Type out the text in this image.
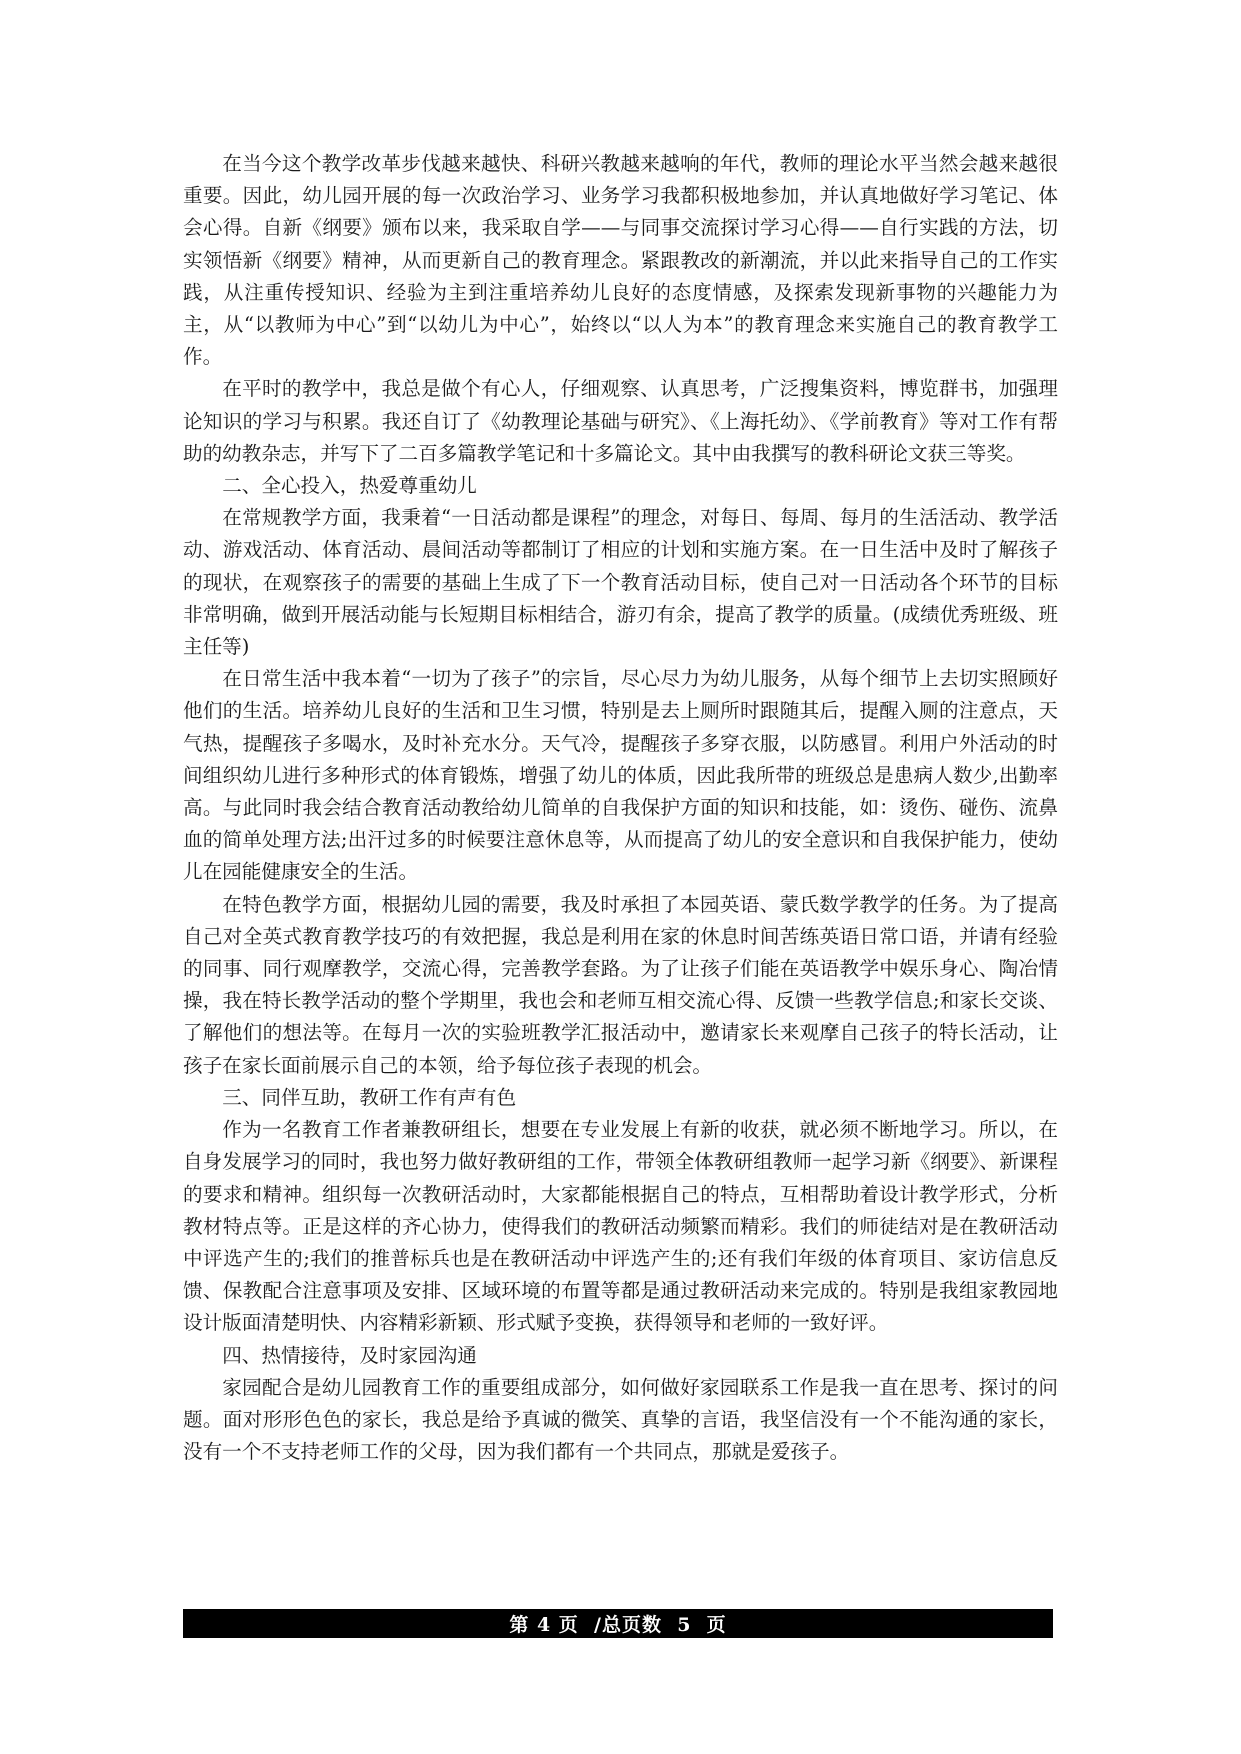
在当今这个教学改革步伐越来越快、科研兴教越来越响的年代，教师的理论水平当然会越来越很重要。因此，幼儿园开展的每一次政治学习、业务学习我都积极地参加，并认真地做好学习笔记、体会心得。自新《纲要》颁布以来，我采取自学——与同事交流探讨学习心得——自行实践的方法，切实领悟新《纲要》精神，从而更新自己的教育理念。紧跟教改的新潮流，并以此来指导自己的工作实践，从注重传授知识、经验为主到注重培养幼儿良好的态度情感，及探索发现新事物的兴趣能力为主，从“以教师为中心”到“以幼儿为中心”，始终以“以人为本”的教育理念来实施自己的教育教学工作。

在平时的教学中，我总是做个有心人，仔细观察、认真思考，广泛搜集资料，博览群书，加强理论知识的学习与积累。我还自订了《幼教理论基础与研究》、《上海托幼》、《学前教育》等对工作有帮助的幼教杂志，并写下了二百多篇教学笔记和十多篇论文。其中由我撰写的教科研论文获三等奖。

二、全心投入，热爱尊重幼儿

在常规教学方面，我秉着“一日活动都是课程”的理念，对每日、每周、每月的生活活动、教学活动、游戏活动、体育活动、晨间活动等都制订了相应的计划和实施方案。在一日生活中及时了解孩子的现状，在观察孩子的需要的基础上生成了下一个教育活动目标，使自己对一日活动各个环节的目标非常明确，做到开展活动能与长短期目标相结合，游刃有余，提高了教学的质量。(成绩优秀班级、班主任等)

在日常生活中我本着“一切为了孩子”的宗旨，尽心尽力为幼儿服务，从每个细节上去切实照顾好他们的生活。培养幼儿良好的生活和卫生习惯，特别是去上厕所时跟随其后，提醒入厕的注意点，天气热，提醒孩子多喝水，及时补充水分。天气冷，提醒孩子多穿衣服，以防感冒。利用户外活动的时间组织幼儿进行多种形式的体育锻炼，增强了幼儿的体质，因此我所带的班级总是患病人数少,出勤率高。与此同时我会结合教育活动教给幼儿简单的自我保护方面的知识和技能，如：烫伤、碰伤、流鼻血的简单处理方法;出汗过多的时候要注意休息等，从而提高了幼儿的安全意识和自我保护能力，使幼儿在园能健康安全的生活。

在特色教学方面，根据幼儿园的需要，我及时承担了本园英语、蒙氏数学教学的任务。为了提高自己对全英式教育教学技巧的有效把握，我总是利用在家的休息时间苦练英语日常口语，并请有经验的同事、同行观摩教学，交流心得，完善教学套路。为了让孩子们能在英语教学中娱乐身心、陶冶情操，我在特长教学活动的整个学期里，我也会和老师互相交流心得、反馈一些教学信息;和家长交谈、了解他们的想法等。在每月一次的实验班教学汇报活动中，邀请家长来观摩自己孩子的特长活动，让孩子在家长面前展示自己的本领，给予每位孩子表现的机会。

三、同伴互助，教研工作有声有色

作为一名教育工作者兼教研组长，想要在专业发展上有新的收获，就必须不断地学习。所以，在自身发展学习的同时，我也努力做好教研组的工作，带领全体教研组教师一起学习新《纲要》、新课程的要求和精神。组织每一次教研活动时，大家都能根据自己的特点，互相帮助着设计教学形式，分析教材特点等。正是这样的齐心协力，使得我们的教研活动频繁而精彩。我们的师徒结对是在教研活动中评选产生的;我们的推普标兵也是在教研活动中评选产生的;还有我们年级的体育项目、家访信息反馈、保教配合注意事项及安排、区域环境的布置等都是通过教研活动来完成的。特别是我组家教园地设计版面清楚明快、内容精彩新颖、形式赋予变换，获得领导和老师的一致好评。

四、热情接待，及时家园沟通

家园配合是幼儿园教育工作的重要组成部分，如何做好家园联系工作是我一直在思考、探讨的问题。面对形形色色的家长，我总是给予真诚的微笑、真挚的言语，我坚信没有一个不能沟通的家长，没有一个不支持老师工作的父母，因为我们都有一个共同点，那就是爱孩子。

第 4 页  /总页数  5  页
